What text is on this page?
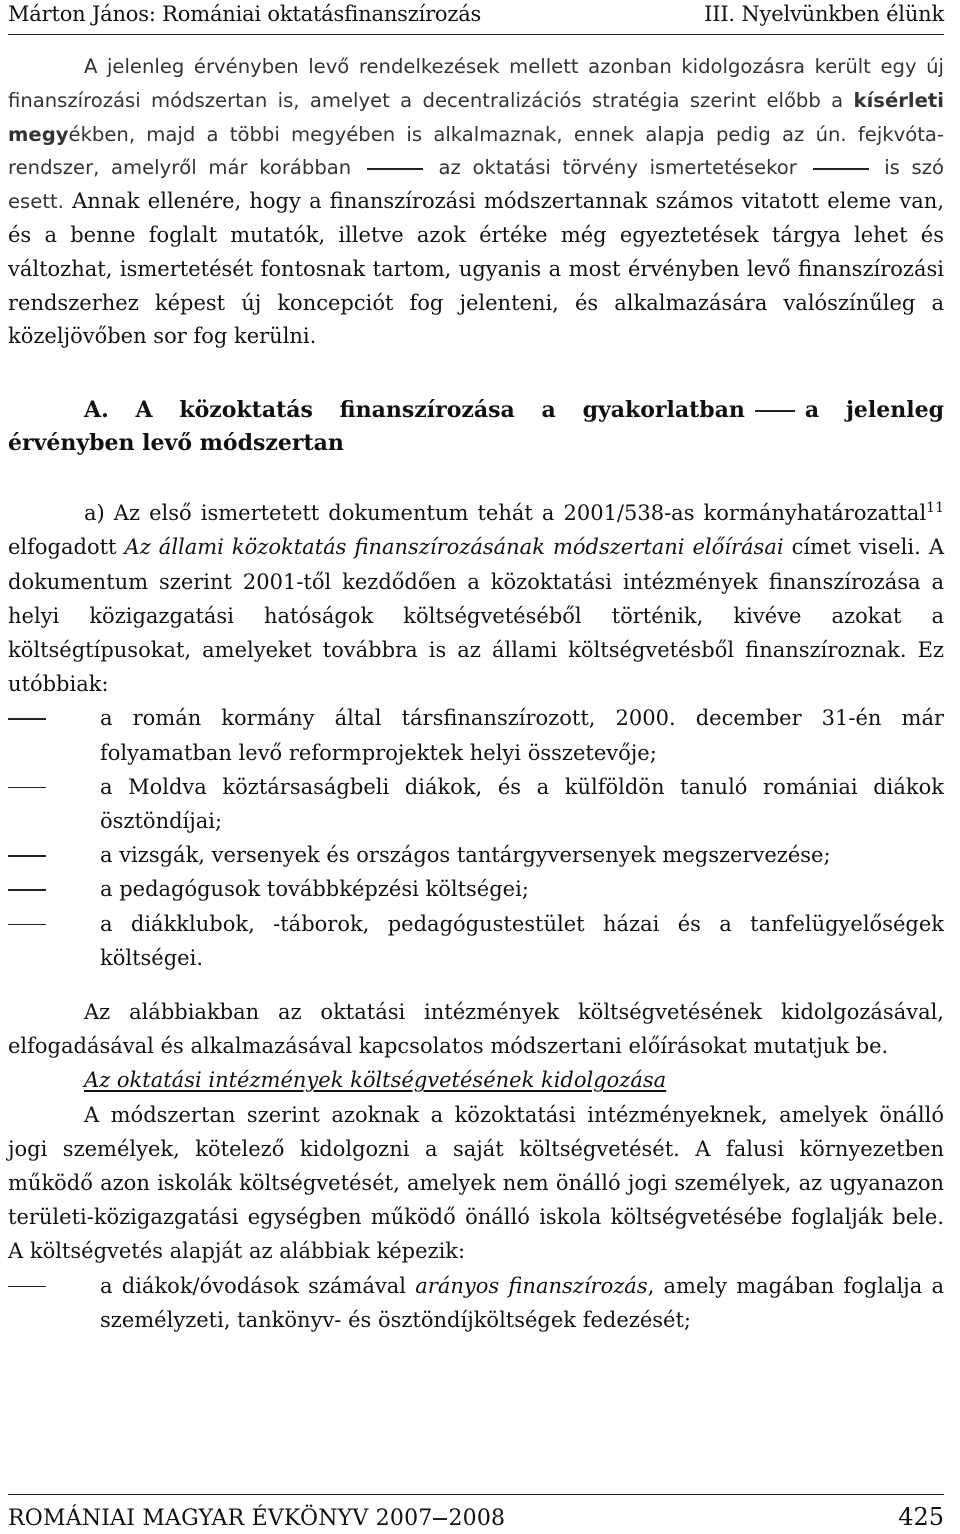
Márton János: Romániai oktatásfinanszírozás	III. Nyelvünkben élünk

A jelenleg érvényben levő rendelkezések mellett azonban kidolgozásra került egy új finanszírozási módszertan is, amelyet a decentralizációs stratégia szerint előbb a kísérleti megyékben, majd a többi megyében is alkalmaznak, ennek alapja pedig az ún. fejkvóta-rendszer, amelyről már korábban	az oktatási törvény ismertetésekor	is szó esett. Annak ellenére, hogy a finanszírozási módszertannak számos vitatott eleme van, és a benne foglalt mutatók, illetve azok értéke még egyeztetések tárgya lehet és változhat, ismertetését fontosnak tartom, ugyanis a most érvényben levő finanszírozási rendszerhez képest új koncepciót fog jelenteni, és alkalmazására valószínűleg a közeljövőben sor fog kerülni.

A. A közoktatás finanszírozása a gyakorlatban	a jelenleg érvényben levő módszertan

a) Az első ismertetett dokumentum tehát a 2001/538-as kormányhatározattal$^{11}$ elfogadott Az állami közoktatás finanszírozásának módszertani előírásai címet viseli. A dokumentum szerint 2001-től kezdődően a közoktatási intézmények finanszírozása a helyi közigazgatási hatóságok költségvetéséből történik, kivéve azokat a költségtípusokat, amelyeket továbbra is az állami költségvetésből finanszíroznak. Ez utóbbiak:

a román kormány által társfinanszírozott, 2000. december 31-én már folyamatban levő reformprojektek helyi összetevője;
a Moldva köztársaságbeli diákok, és a külföldön tanuló romániai diákok ösztöndíjai;
a vizsgák, versenyek és országos tantárgyversenyek megszervezése;
a pedagógusok továbbképzési költségei;
a diákklubok, -táborok, pedagógustestület házai és a tanfelügyelőségek költségei.

Az alábbiakban az oktatási intézmények költségvetésének kidolgozásával, elfogadásával és alkalmazásával kapcsolatos módszertani előírásokat mutatjuk be.

Az oktatási intézmények költségvetésének kidolgozása

A módszertan szerint azoknak a közoktatási intézményeknek, amelyek önálló jogi személyek, kötelező kidolgozni a saját költségvetését. A falusi környezetben működő azon iskolák költségvetését, amelyek nem önálló jogi személyek, az ugyanazon területi-közigazgatási egységben működő önálló iskola költségvetésébe foglalják bele. A költségvetés alapját az alábbiak képezik:

a diákok/óvodások számával arányos finanszírozás, amely magában foglalja a személyzeti, tankönyv- és ösztöndíjköltségek fedezését;
ROMÁNIAI MAGYAR ÉVKÖNYV 2007 2008	425
